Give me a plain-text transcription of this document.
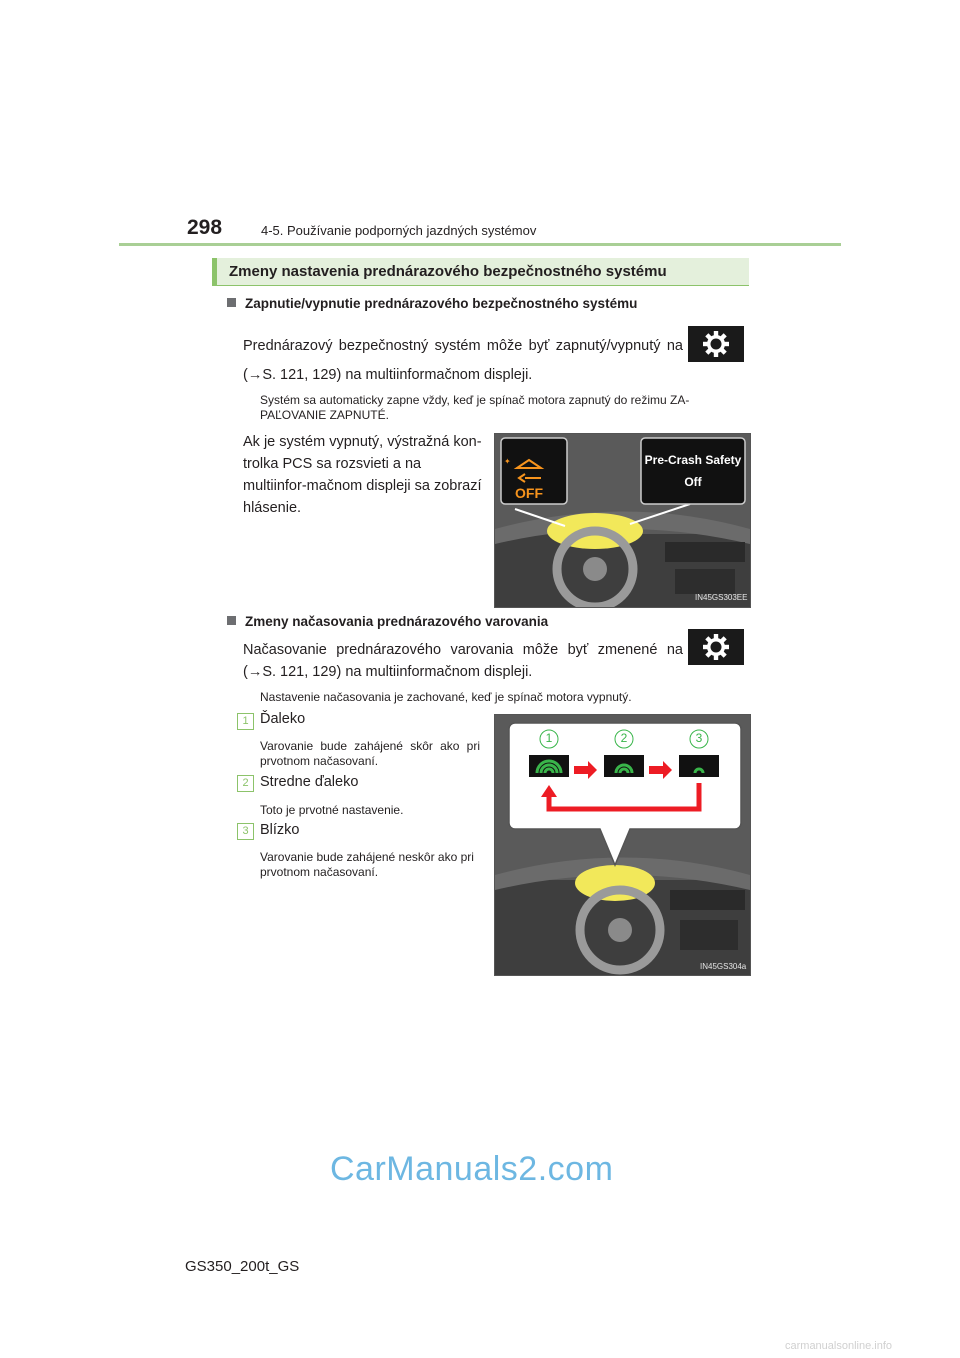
298	4-5. Používanie podporných jazdných systémov
Zmeny nastavenia prednárazového bezpečnostného systému
Zapnutie/vypnutie prednárazového bezpečnostného systému
Prednárazový bezpečnostný systém môže byť zapnutý/vypnutý na
(→S. 121, 129) na multiinformačnom displeji.
Systém sa automaticky zapne vždy, keď je spínač motora zapnutý do režimu ZA-PAĽOVANIE ZAPNUTÉ.
Ak je systém vypnutý, výstražná kon-trolka PCS sa rozsvieti a na multiinfor-mačnom displeji sa zobrazí hlásenie.
✦
OFF
Pre-Crash Safety
Off
IN45GS303EE
Zmeny načasovania prednárazového varovania
Načasovanie prednárazového varovania môže byť zmenené na
(→S. 121, 129) na multiinformačnom displeji.
Nastavenie načasovania je zachované, keď je spínač motora vypnutý.
1 Ďaleko
Varovanie bude zahájené skôr ako pri prvotnom načasovaní.
2 Stredne ďaleko
Toto je prvotné nastavenie.
3 Blízko
Varovanie bude zahájené neskôr ako pri prvotnom načasovaní.
1	2	3
IN45GS304a
CarManuals2.com
GS350_200t_GS
carmanualsonline.info
